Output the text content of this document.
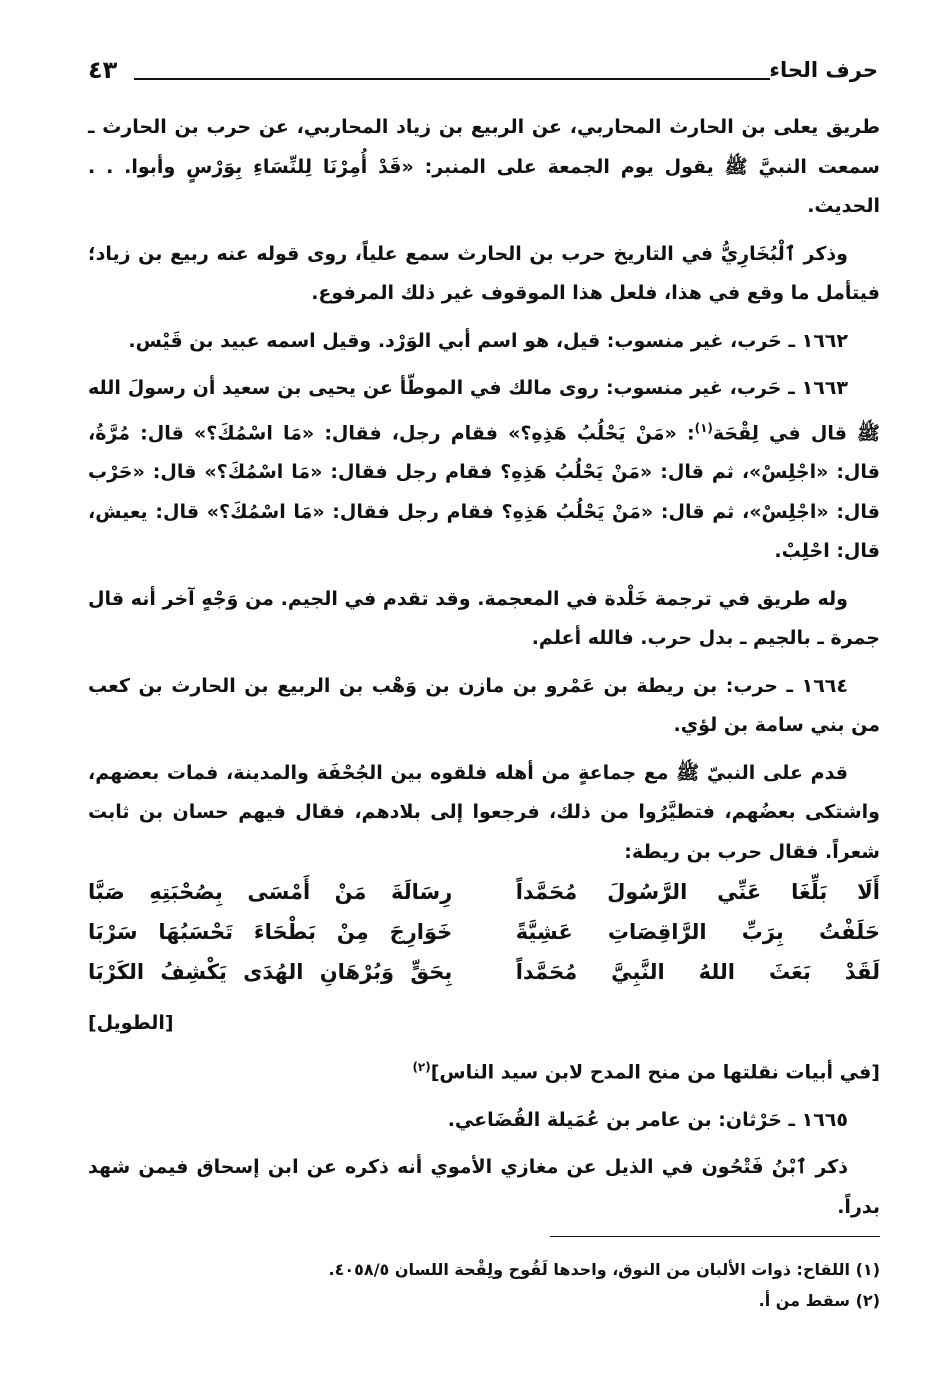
حرف الحاء
٤٣

طريق يعلى بن الحارث المحاربي، عن الربيع بن زياد المحاربي، عن حرب بن الحارث ـ سمعت النبيَّ ﷺ يقول يوم الجمعة على المنبر: «قَدْ أُمِرْنَا لِلنِّسَاءِ بِوَرْسٍ وأبوا. . . الحديث.

وذكر ٱلْبُخَارِيُّ في التاريخ حرب بن الحارث سمع علياً، روى قوله عنه ربيع بن زياد؛ فيتأمل ما وقع في هذا، فلعل هذا الموقوف غير ذلك المرفوع.

١٦٦٢ ـ حَرب، غير منسوب: قيل، هو اسم أبي الوَرْد. وقيل اسمه عبيد بن قَيْس.

١٦٦٣ ـ حَرب، غير منسوب: روى مالك في الموطّأ عن يحيى بن سعيد أن رسولَ الله ﷺ قال في لِقْحَة$^{(١)}$: «مَنْ يَحْلُبُ هَذِهِ؟» فقام رجل، فقال: «مَا اسْمُكَ؟» قال: مُرَّةُ، قال: «اجْلِسْ»، ثم قال: «مَنْ يَحْلُبُ هَذِهِ؟ فقام رجل فقال: «مَا اسْمُكَ؟» قال: «حَرْب قال: «اجْلِسْ»، ثم قال: «مَنْ يَحْلُبُ هَذِهِ؟ فقام رجل فقال: «مَا اسْمُكَ؟» قال: يعيش، قال: احْلِبْ.

وله طريق في ترجمة خَلْدة في المعجمة. وقد تقدم في الجيم. من وَجْهٍ آخر أنه قال جمرة ـ بالجيم ـ بدل حرب. فالله أعلم.

١٦٦٤ ـ حرب: بن ريطة بن عَمْرو بن مازن بن وَهْب بن الربيع بن الحارث بن كعب من بني سامة بن لؤي.

قدم على النبيّ ﷺ مع جماعةٍ من أهله فلقوه بين الجُحْفَة والمدينة، فمات بعضهم، واشتكى بعضُهم، فتطيَّرُوا من ذلك، فرجعوا إلى بلادهم، فقال فيهم حسان بن ثابت شعراً. فقال حرب بن ريطة:

أَلَا بَلِّغَا عَنِّي الرَّسُولَ مُحَمَّداً
رِسَالَةَ مَنْ أَمْسَى بِصُحْبَتِهِ صَبَّا
حَلَفْتُ بِرَبِّ الرَّاقِصَاتِ عَشِيَّةً
خَوَارِجَ مِنْ بَطْحَاءَ تَحْسَبُهَا سَرْبَا
لَقَدْ بَعَثَ اللهُ النَّبِيَّ مُحَمَّداً
بِحَقٍّ وَبُرْهَانِ الهُدَى يَكْشِفُ الكَرْبَا
[الطويل]

[في أبيات نقلتها من منح المدح لابن سيد الناس]$^{(٢)}$

١٦٦٥ ـ حَرْثان: بن عامر بن عُمَيلة القُضَاعي.

ذكر ٱبْنُ فَتْحُون في الذيل عن مغازي الأموي أنه ذكره عن ابن إسحاق فيمن شهد بدراً.

(١) اللقاح: ذوات الألبان من النوق، واحدها لَقُوح ولِقْحة اللسان ٤٠٥٨/٥.
(٢) سقط من أ.
